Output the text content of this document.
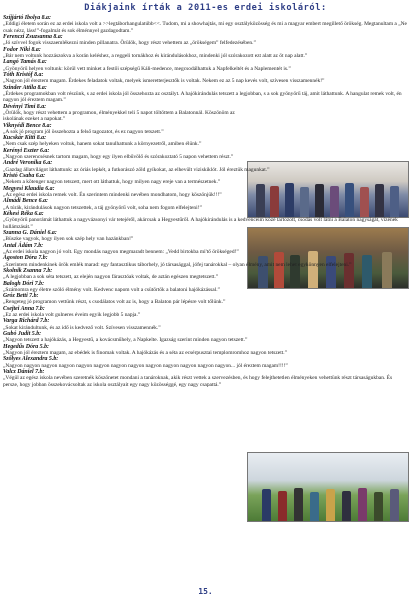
Diákjaink írták a 2011-es erdei iskoláról:
Szíjjártó Ibolya 8.a:
„Eddigi életem során ez az erdei iskola volt a >>legtáborhangulatúbb<<. Tudom, mi a showhajtás, mi egy osztályközösség és mi a magyar embert megillető örökség. Megtanultam a „Ne csak nézz, láss!”-fogalmát és sok élménnyel gazdagodtam.”
Ferenczi Zsuzsanna 8.a:
„Jó szívvel fogok visszaemlékezni minden pillanatra. Örülök, hogy részt vehettem az „örökségem” felfedezésében.”
Fodor Niki 8.a:
„Bár nem voltunk hozzászokva a korán keléshez, a reggeli tornákhoz és kirándulásokhoz, mindenki jól szórakozott ezt alatt az öt nap alatt.”
Langó Tamás 8.a:
„Gyönyörű helyen voltunk: körül vett minket a festői szépségű Káli-medence, megcsodálhattuk a Napfelkeltét és a Naplementét is.”
Tóth Kristóf 8.a:
„Nagyon jól éreztem magam. Érdekes feladatok voltak, melyek ismeretterjesztők is voltak. Nekem ez az 5 nap kevés volt, szívesen visszamennék!”
Szinder Attila 8.a:
„Érdekes programokban volt részünk, s az erdei iskola jól összehozta az osztályt. A hajókirándulás tetszett a legjobban, s a sok gyönyörű táj, amit láthattunk. A hangulat remek volt, én nagyon jól éreztem magam.”
Dévényi Timi 8.a:
„Örülök, hogy részt vehettem a programon, élményekkel teli 5 napot töltöttem a Balatonnál. Köszönöm az iskolának ezeket a napokat.”
Viknyédi Bence 8.a:
„A sok jó program jól összehozta a felső tagozatot, és ez nagyon tetszett.”
Kucskár Kitti 8.a:
„Nem csak szép helyeken voltuk, hanem sokat tanulhattunk a környezetről, amiben élünk.”
Kerényi Eszter 6.a:
„Nagyon szerencsésnek tartom magam, hogy egy ilyen elbűvölő és szórakoztató 5 napon vehettem részt.”
André Veronika 6.a:
„Gazdag állatvilágot láthattunk: az óriás lepkét, a futkorászó zöld gyíkokat, az elhevült viziskiklót. Jól éreztük magunkat.”
Kristó Csaba 6.a:
„Nekem a kötenger nagyon tetszett, mert ott láthattuk, hogy milyen nagy ereje van a természetnek.”
Megyesi Klaudia 6.a:
„Az egész erdei iskola remek volt. Én szerintem mindenki nevében mondhatom, hogy köszönjük!!!”
Almádi Bence 6.a:
„A túrák, kirándulások nagyon tetszettek, a táj gyönyörű volt, soha nem fogom elfelejteni!”
Kékesi Réka 6.a:
„Gyönyörű panorámát láthattuk a nagyvázsonyi vár tetejéről, akárcsak a Hegyestűről. A hajókirándulás is a kedvenceim közé tartozott, csodás volt látni a Balaton nagyságát, vízének hullámzását.”
Szanna G. Dániel 6.a:
„Büszke vagyok, hogy ilyen sok szép hely van hazánkban!”
Antal Ádám 7.b:
„Az erdei iskola nagyon jó volt. Egy mondás nagyon megmaradt bennem: „Vedd birtokba mi'tő örökséged!”
Ágoston Dóra 7.b:
„Szerintem mindenkinek örök emlék marad: egy fantasztikus táborhely, jó társasággal, jófej tanárokkal – olyan élmény, amit nem lehet egykönnyen elfelejteni.”
Skolnik Zsanna 7.b:
„A legjobban a sok séta tetszett, az elején nagyon fárasztóak voltak, de aztán egészen megtetszett.”
Balogh Dóri 7.b:
„Számomra egy életre szóló élmény volt. Kedvenc napom volt a csütörtök a balatoni hajókázással.”
Gróz Betti 7.b:
„Rengeteg jó programon vettünk részt, s csodálatos volt az is, hogy a Balaton pár lépésre volt tőlünk.”
Csejtei Anna 7.b:
„Ez az erdei iskola volt gulneres éveim egyik legjobb 5 napja.”
Varga Richárd 7.b:
„Sokat kirándultunk, és az idő is kedvező volt. Szívesen visszamennék.”
Gubó Judit 5.b:
„Nagyon tetszett a hajókázás, a Hegyestű, a kovácsműhely, a Napkelte. Igazság szerint minden nagyon tetszett.”
Hegedűs Dóra 5.b:
„Nagyon jól éreztem magam, az ebédek is finomak voltak. A hajókázás és a séta az ecsérpusztai templomromhoz nagyon tetszett.”
Szőlyes Alexandra 5.b:
„Nagyon nagyon nagyon nagyon nagyon nagyon nagyon nagyon nagyon nagyon nagyon nagyon nagyon... jól éreztem magam!!!!”
Valcz Dániel 7.b:
„Végül az egész iskola nevében szeretnék köszönetet mondani a tanároknak, akik részt vettek a szervezésben, és hogy felejthetetlen élményeken vehettünk részt társaságukban. És persze, hogy jobban összekovácsoltak az iskola osztályait egy nagy közösséggé, egy nagy csapattá.”
15.
